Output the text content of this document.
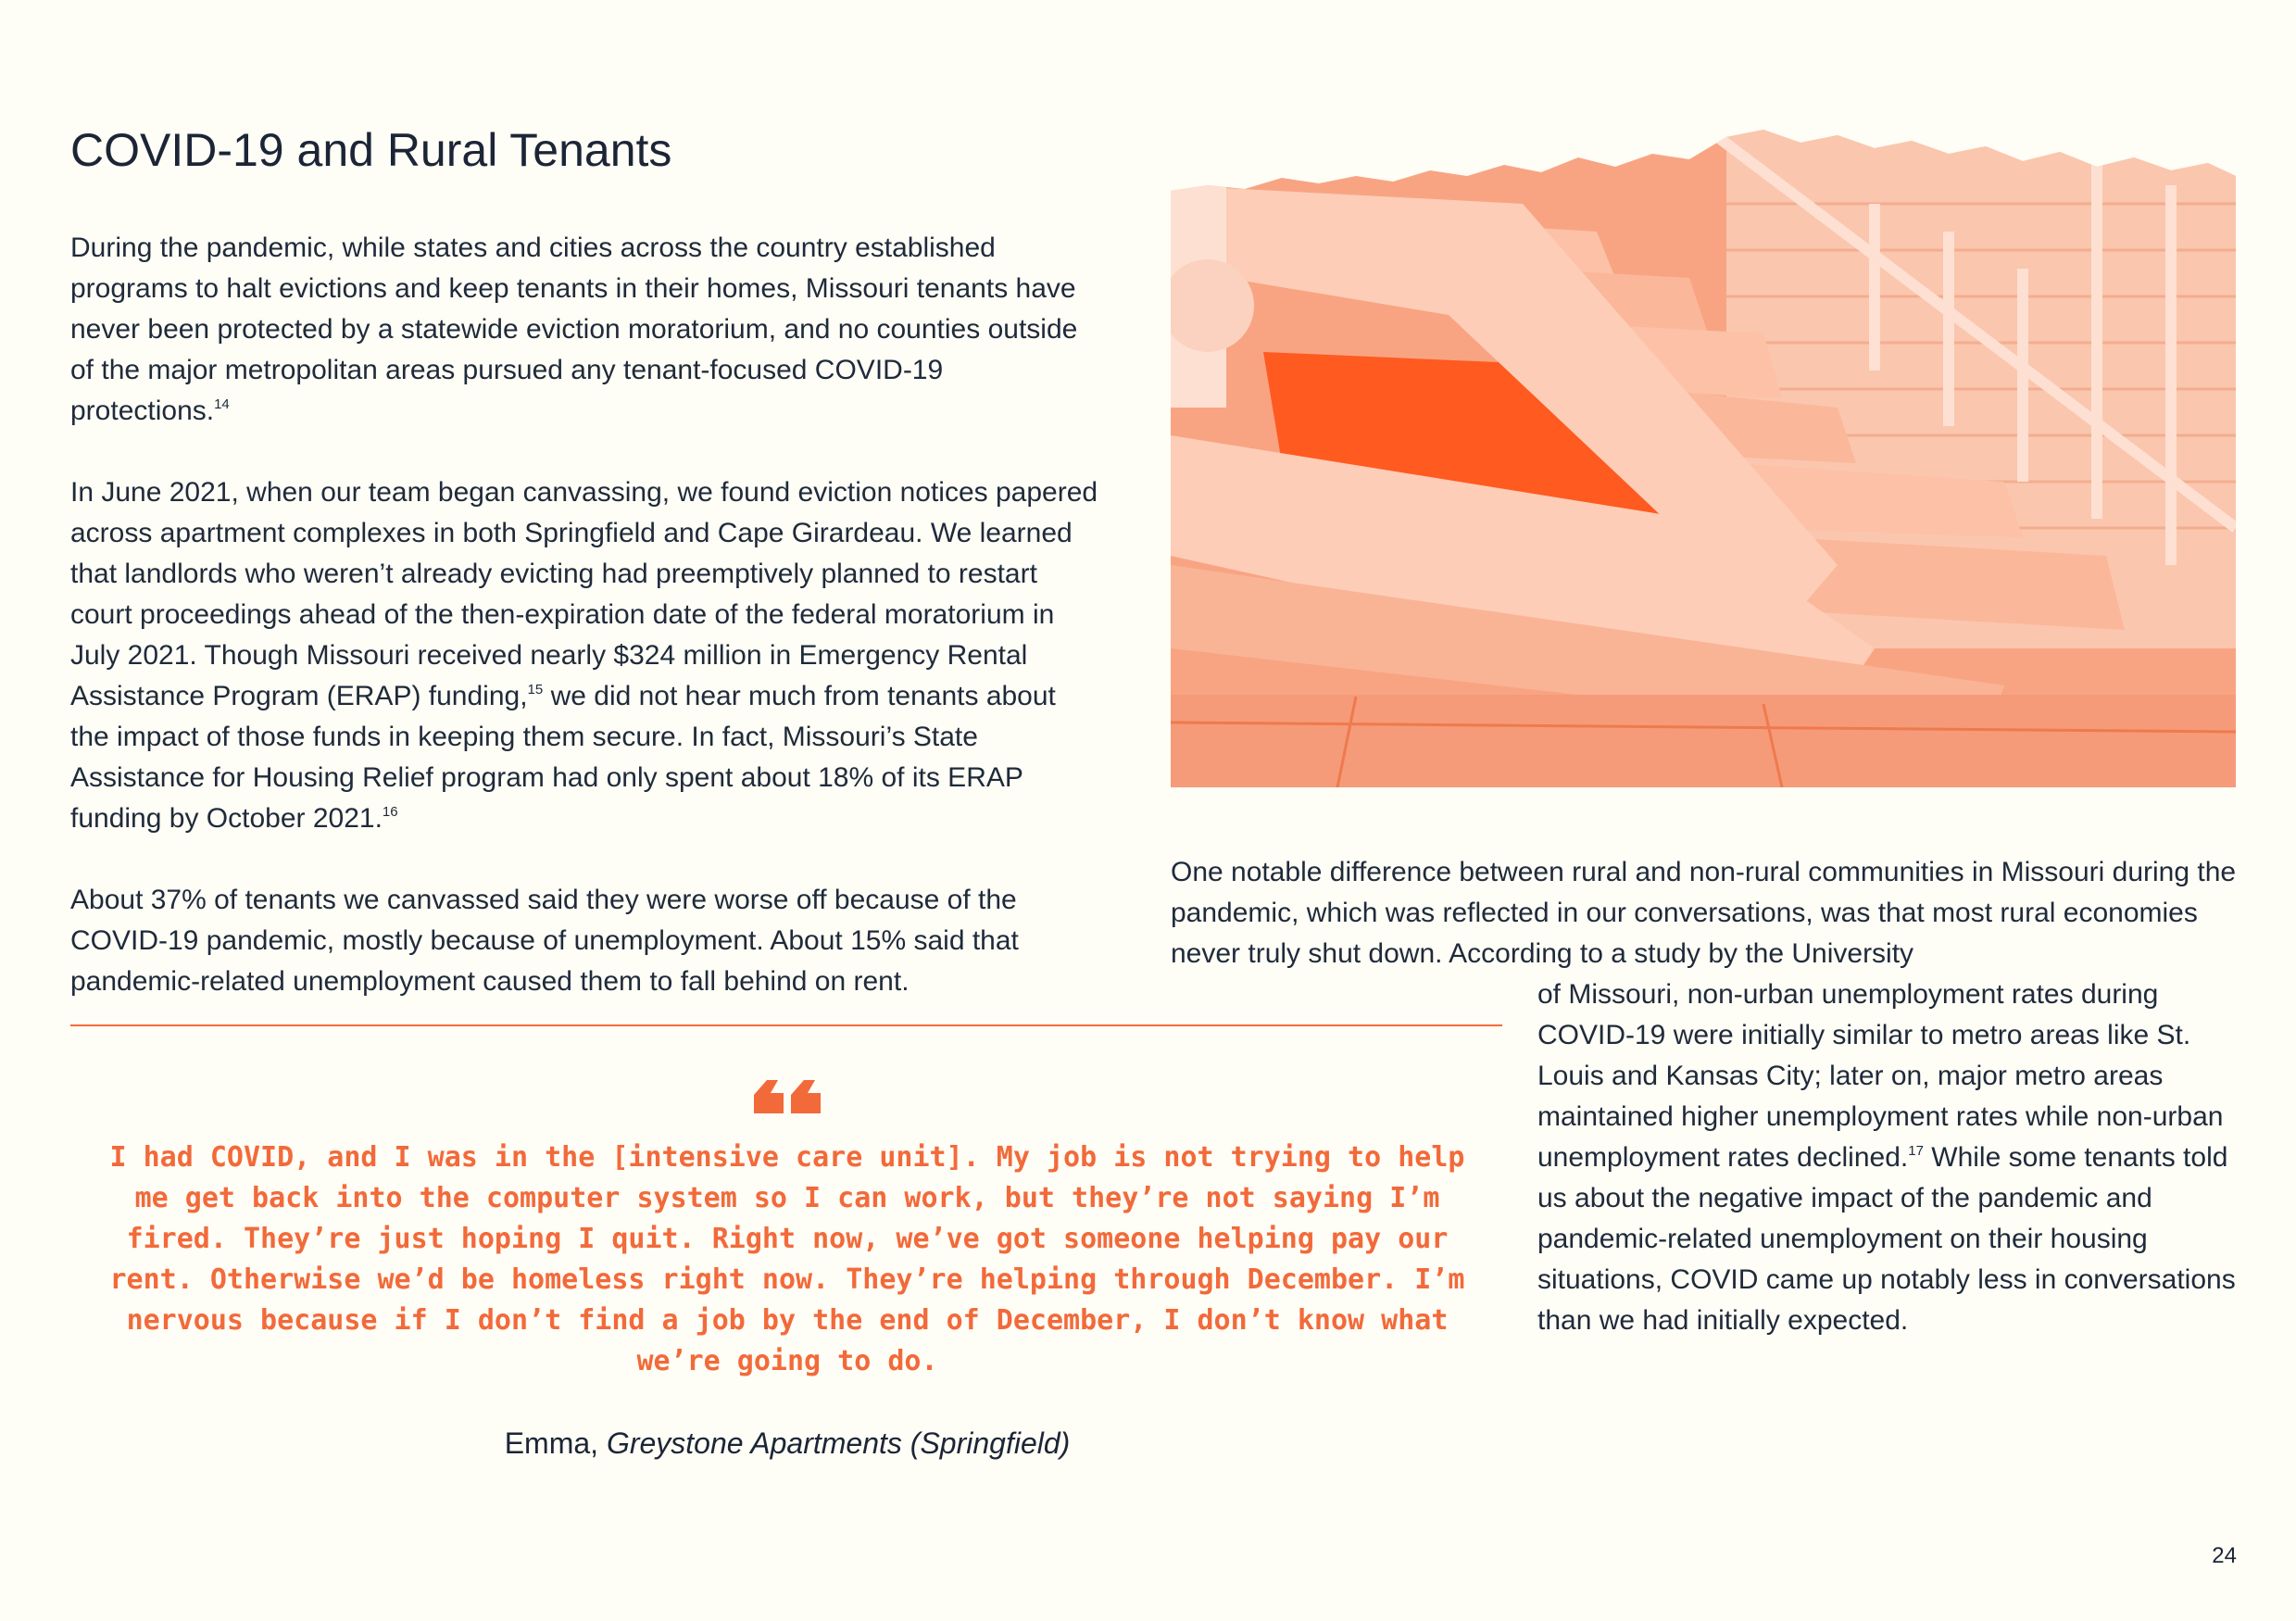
COVID-19 and Rural Tenants

During the pandemic, while states and cities across the country established programs to halt evictions and keep tenants in their homes, Missouri tenants have never been protected by a statewide eviction moratorium, and no counties outside of the major metropolitan areas pursued any tenant-focused COVID-19 protections.$^{14}$

In June 2021, when our team began canvassing, we found eviction notices papered across apartment complexes in both Springfield and Cape Girardeau. We learned that landlords who weren’t already evicting had preemptively planned to restart court proceedings ahead of the then-expiration date of the federal moratorium in July 2021. Though Missouri received nearly $324 million in Emergency Rental Assistance Program (ERAP) funding,$^{15}$ we did not hear much from tenants about the impact of those funds in keeping them secure. In fact, Missouri’s State Assistance for Housing Relief program had only spent about 18% of its ERAP funding by October 2021.16

About 37% of tenants we canvassed said they were worse off because of the COVID-19 pandemic, mostly because of unemployment. About 15% said that pandemic-related unemployment caused them to fall behind on rent.

One notable difference between rural and non-rural communities in Missouri during the pandemic, which was reflected in our conversations, was that most rural economies never truly shut down. According to a study by the University

of Missouri, non-urban unemployment rates during COVID-19 were initially similar to metro areas like St. Louis and Kansas City; later on, major metro areas maintained higher unemployment rates while non-urban unemployment rates declined.$^{17}$ While some tenants told us about the negative impact of the pandemic and pandemic-related unemployment on their housing situations, COVID came up notably less in conversations than we had initially expected.

I had COVID, and I was in the [intensive care unit]. My job is not trying to help me get back into the computer system so I can work, but they’re not saying I’m fired. They’re just hoping I quit. Right now, we’ve got someone helping pay our rent. Otherwise we’d be homeless right now. They’re helping through December. I’m nervous because if I don’t find a job by the end of December, I don’t know what we’re going to do.

Emma, Greystone Apartments (Springfield)

24
